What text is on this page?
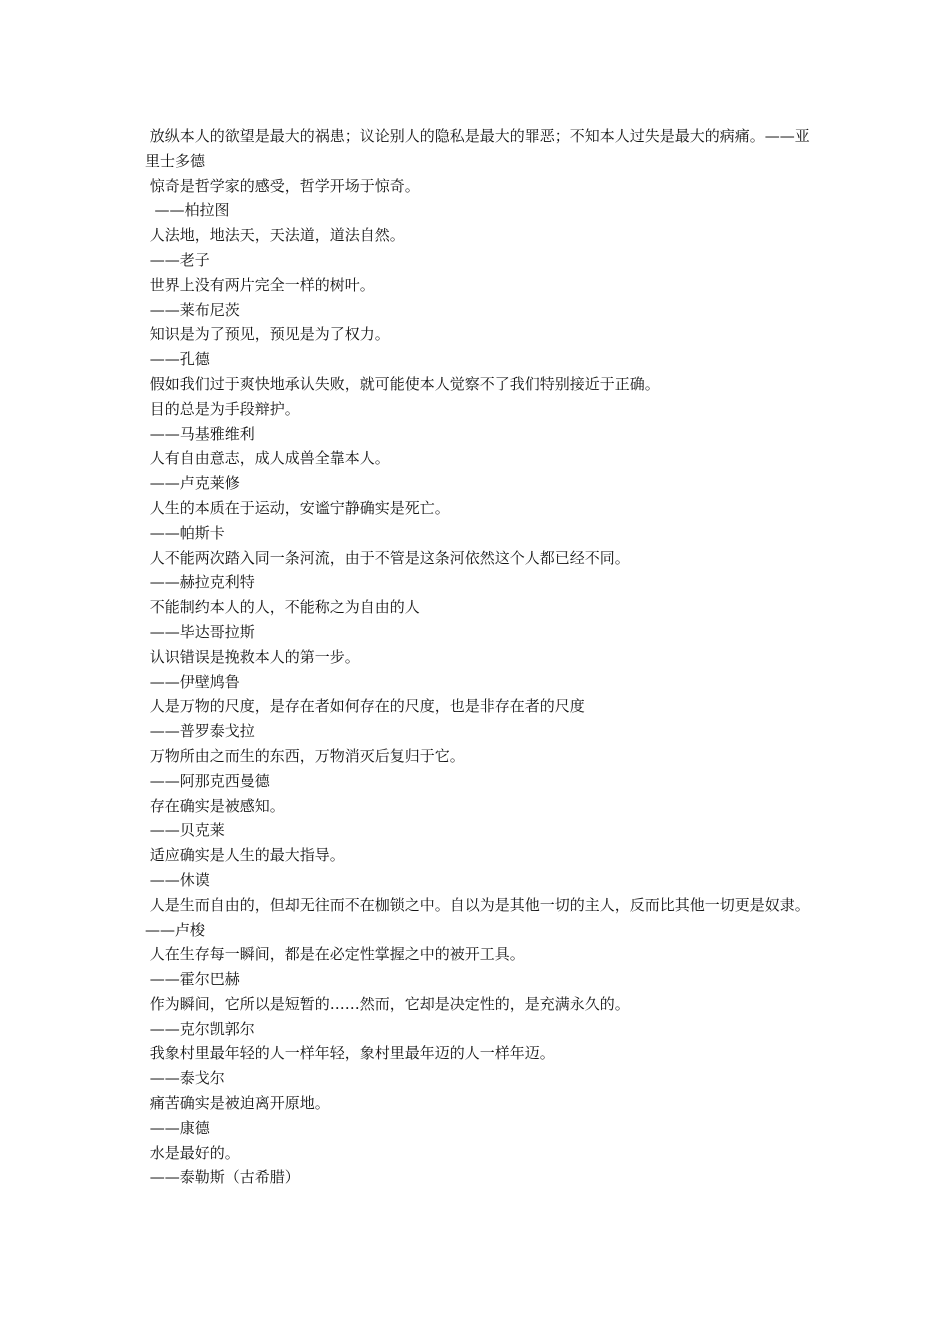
放纵本人的欲望是最大的祸患；议论别人的隐私是最大的罪恶；不知本人过失是最大的病痛。——亚里士多德
惊奇是哲学家的感受，哲学开场于惊奇。
——柏拉图
人法地，地法天，天法道，道法自然。
——老子
世界上没有两片完全一样的树叶。
——莱布尼茨
知识是为了预见，预见是为了权力。
——孔德
假如我们过于爽快地承认失败，就可能使本人觉察不了我们特别接近于正确。
目的总是为手段辩护。
——马基雅维利
人有自由意志，成人成兽全靠本人。
——卢克莱修
人生的本质在于运动，安谧宁静确实是死亡。
——帕斯卡
人不能两次踏入同一条河流，由于不管是这条河依然这个人都已经不同。
——赫拉克利特
不能制约本人的人，不能称之为自由的人
——毕达哥拉斯
认识错误是挽救本人的第一步。
——伊壁鸠鲁
人是万物的尺度，是存在者如何存在的尺度，也是非存在者的尺度
——普罗泰戈拉
万物所由之而生的东西，万物消灭后复归于它。
——阿那克西曼德
存在确实是被感知。
——贝克莱
适应确实是人生的最大指导。
——休谟
人是生而自由的，但却无往而不在枷锁之中。自以为是其他一切的主人，反而比其他一切更是奴隶。
——卢梭
人在生存每一瞬间，都是在必定性掌握之中的被开工具。
——霍尔巴赫
作为瞬间，它所以是短暂的……然而，它却是决定性的，是充满永久的。
——克尔凯郭尔
我象村里最年轻的人一样年轻，象村里最年迈的人一样年迈。
——泰戈尔
痛苦确实是被迫离开原地。
——康德
水是最好的。
——泰勒斯（古希腊）
